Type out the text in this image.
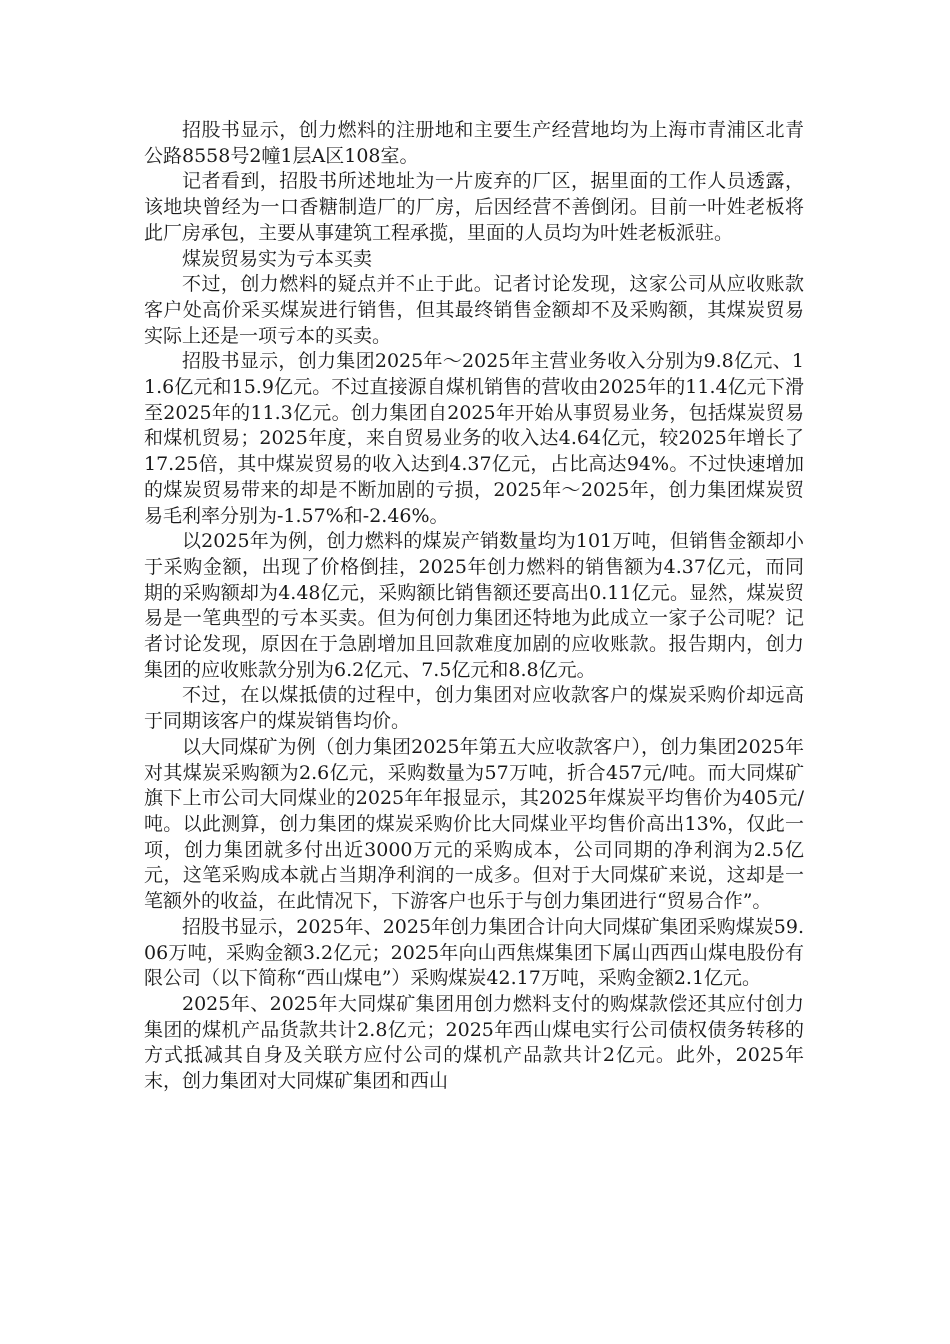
招股书显示，创力燃料的注册地和主要生产经营地均为上海市青浦区北青公路8558号2幢1层A区108室。

记者看到，招股书所述地址为一片废弃的厂区，据里面的工作人员透露，该地块曾经为一口香糖制造厂的厂房，后因经营不善倒闭。目前一叶姓老板将此厂房承包，主要从事建筑工程承揽，里面的人员均为叶姓老板派驻。

煤炭贸易实为亏本买卖

不过，创力燃料的疑点并不止于此。记者讨论发现，这家公司从应收账款客户处高价采买煤炭进行销售，但其最终销售金额却不及采购额，其煤炭贸易实际上还是一项亏本的买卖。

招股书显示，创力集团2025年～2025年主营业务收入分别为9.8亿元、11.6亿元和15.9亿元。不过直接源自煤机销售的营收由2025年的11.4亿元下滑至2025年的11.3亿元。创力集团自2025年开始从事贸易业务，包括煤炭贸易和煤机贸易；2025年度，来自贸易业务的收入达4.64亿元，较2025年增长了17.25倍，其中煤炭贸易的收入达到4.37亿元，占比高达94%。不过快速增加的煤炭贸易带来的却是不断加剧的亏损，2025年～2025年，创力集团煤炭贸易毛利率分别为-1.57%和-2.46%。

以2025年为例，创力燃料的煤炭产销数量均为101万吨，但销售金额却小于采购金额，出现了价格倒挂，2025年创力燃料的销售额为4.37亿元，而同期的采购额却为4.48亿元，采购额比销售额还要高出0.11亿元。显然，煤炭贸易是一笔典型的亏本买卖。但为何创力集团还特地为此成立一家子公司呢？记者讨论发现，原因在于急剧增加且回款难度加剧的应收账款。报告期内，创力集团的应收账款分别为6.2亿元、7.5亿元和8.8亿元。

不过，在以煤抵债的过程中，创力集团对应收款客户的煤炭采购价却远高于同期该客户的煤炭销售均价。

以大同煤矿为例（创力集团2025年第五大应收款客户），创力集团2025年对其煤炭采购额为2.6亿元，采购数量为57万吨，折合457元/吨。而大同煤矿旗下上市公司大同煤业的2025年年报显示，其2025年煤炭平均售价为405元/吨。以此测算，创力集团的煤炭采购价比大同煤业平均售价高出13%，仅此一项，创力集团就多付出近3000万元的采购成本，公司同期的净利润为2.5亿元，这笔采购成本就占当期净利润的一成多。但对于大同煤矿来说，这却是一笔额外的收益，在此情况下，下游客户也乐于与创力集团进行“贸易合作”。

招股书显示，2025年、2025年创力集团合计向大同煤矿集团采购煤炭59.06万吨，采购金额3.2亿元；2025年向山西焦煤集团下属山西西山煤电股份有限公司（以下简称“西山煤电”）采购煤炭42.17万吨，采购金额2.1亿元。

2025年、2025年大同煤矿集团用创力燃料支付的购煤款偿还其应付创力集团的煤机产品货款共计2.8亿元；2025年西山煤电实行公司债权债务转移的方式抵减其自身及关联方应付公司的煤机产品款共计2亿元。此外，2025年末，创力集团对大同煤矿集团和西山
